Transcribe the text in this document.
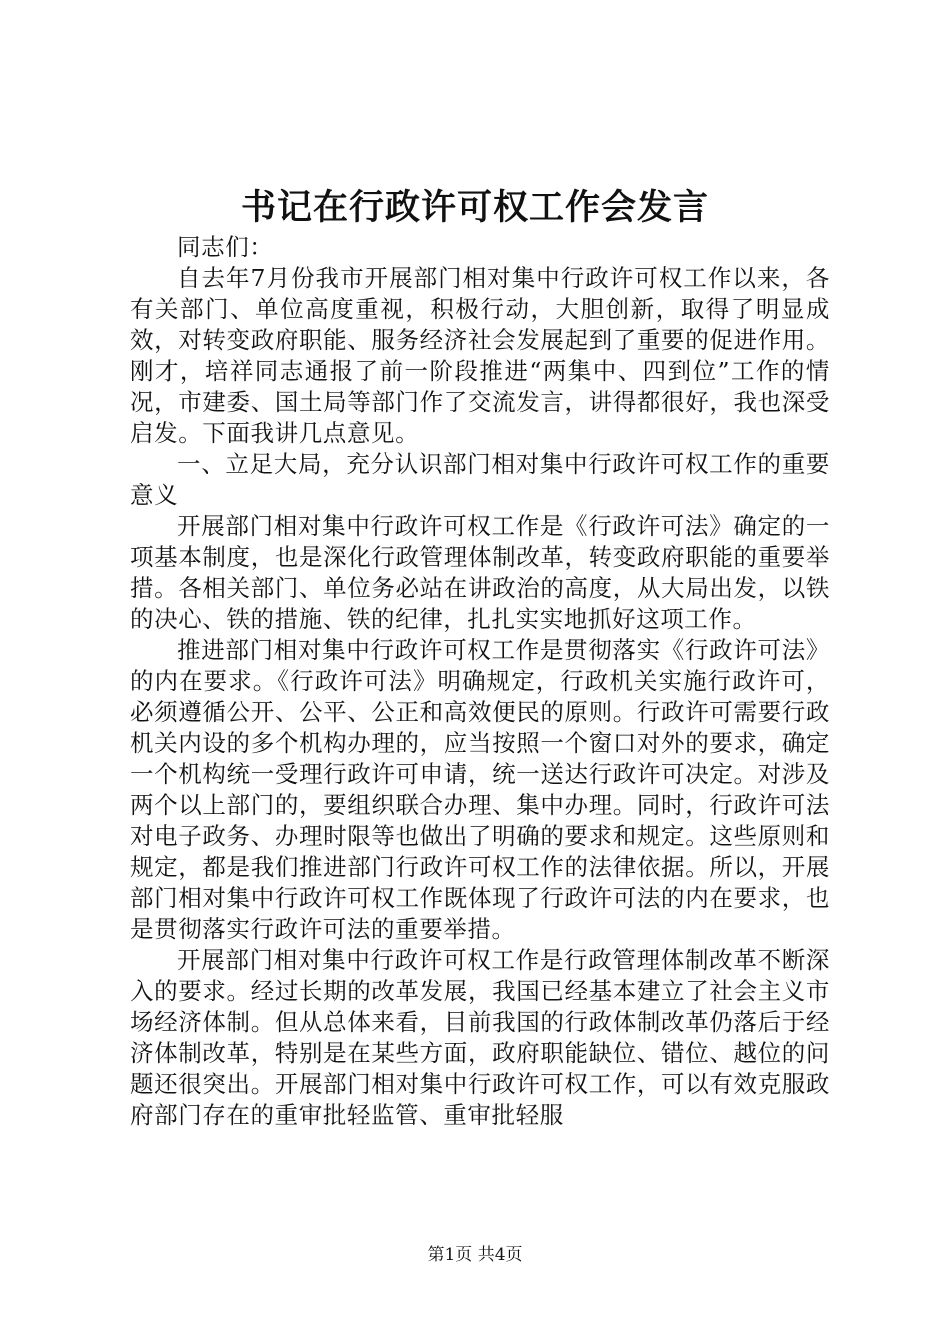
书记在行政许可权工作会发言

同志们：

自去年7月份我市开展部门相对集中行政许可权工作以来，各有关部门、单位高度重视，积极行动，大胆创新，取得了明显成效，对转变政府职能、服务经济社会发展起到了重要的促进作用。刚才，培祥同志通报了前一阶段推进“两集中、四到位”工作的情况，市建委、国土局等部门作了交流发言，讲得都很好，我也深受启发。下面我讲几点意见。

一、立足大局，充分认识部门相对集中行政许可权工作的重要意义

开展部门相对集中行政许可权工作是《行政许可法》确定的一项基本制度，也是深化行政管理体制改革，转变政府职能的重要举措。各相关部门、单位务必站在讲政治的高度，从大局出发，以铁的决心、铁的措施、铁的纪律，扎扎实实地抓好这项工作。

推进部门相对集中行政许可权工作是贯彻落实《行政许可法》的内在要求。《行政许可法》明确规定，行政机关实施行政许可，必须遵循公开、公平、公正和高效便民的原则。行政许可需要行政机关内设的多个机构办理的，应当按照一个窗口对外的要求，确定一个机构统一受理行政许可申请，统一送达行政许可决定。对涉及两个以上部门的，要组织联合办理、集中办理。同时，行政许可法对电子政务、办理时限等也做出了明确的要求和规定。这些原则和规定，都是我们推进部门行政许可权工作的法律依据。所以，开展部门相对集中行政许可权工作既体现了行政许可法的内在要求，也是贯彻落实行政许可法的重要举措。

开展部门相对集中行政许可权工作是行政管理体制改革不断深入的要求。经过长期的改革发展，我国已经基本建立了社会主义市场经济体制。但从总体来看，目前我国的行政体制改革仍落后于经济体制改革，特别是在某些方面，政府职能缺位、错位、越位的问题还很突出。开展部门相对集中行政许可权工作，可以有效克服政府部门存在的重审批轻监管、重审批轻服

第1页 共4页
